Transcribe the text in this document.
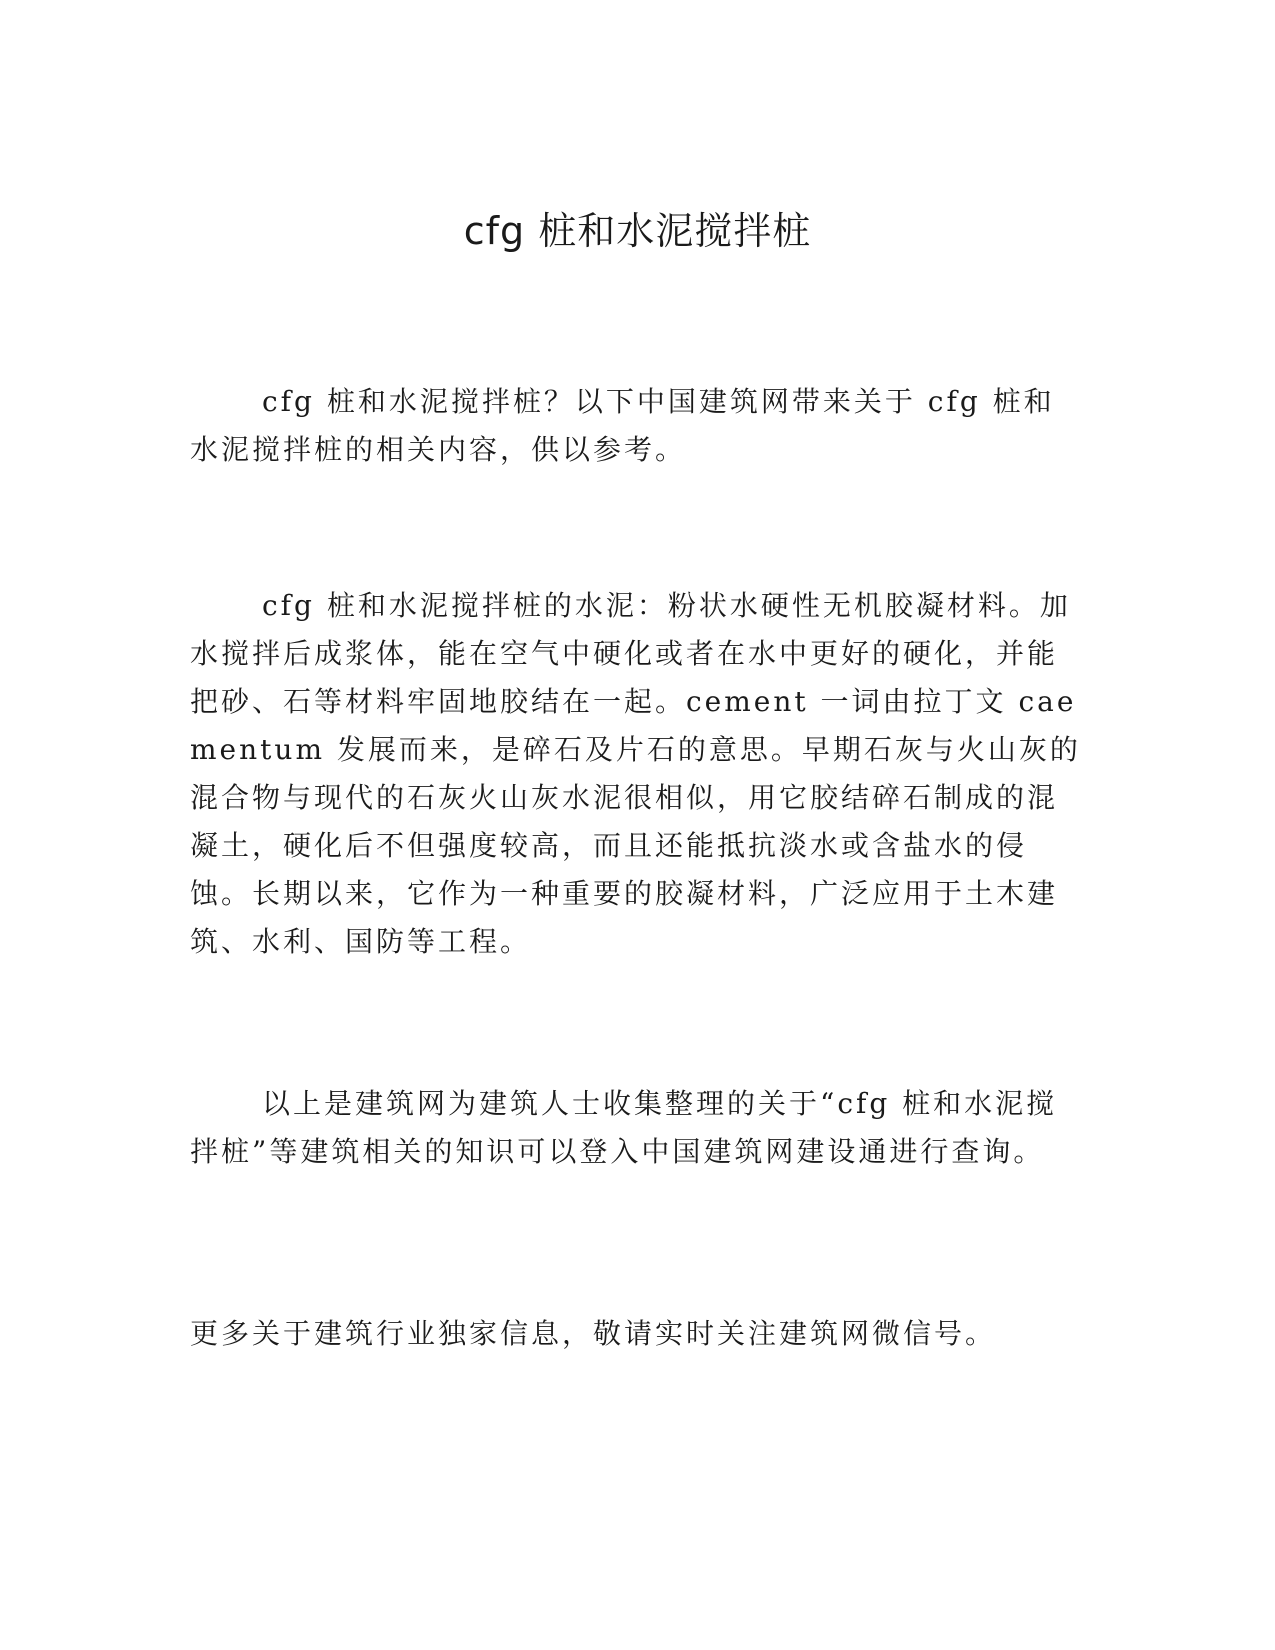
cfg 桩和水泥搅拌桩

cfg 桩和水泥搅拌桩？以下中国建筑网带来关于 cfg 桩和水泥搅拌桩的相关内容，供以参考。

cfg 桩和水泥搅拌桩的水泥：粉状水硬性无机胶凝材料。加水搅拌后成浆体，能在空气中硬化或者在水中更好的硬化，并能把砂、石等材料牢固地胶结在一起。cement 一词由拉丁文 caementum 发展而来，是碎石及片石的意思。早期石灰与火山灰的混合物与现代的石灰火山灰水泥很相似，用它胶结碎石制成的混凝土，硬化后不但强度较高，而且还能抵抗淡水或含盐水的侵蚀。长期以来，它作为一种重要的胶凝材料，广泛应用于土木建筑、水利、国防等工程。

以上是建筑网为建筑人士收集整理的关于“cfg 桩和水泥搅拌桩”等建筑相关的知识可以登入中国建筑网建设通进行查询。

更多关于建筑行业独家信息，敬请实时关注建筑网微信号。
